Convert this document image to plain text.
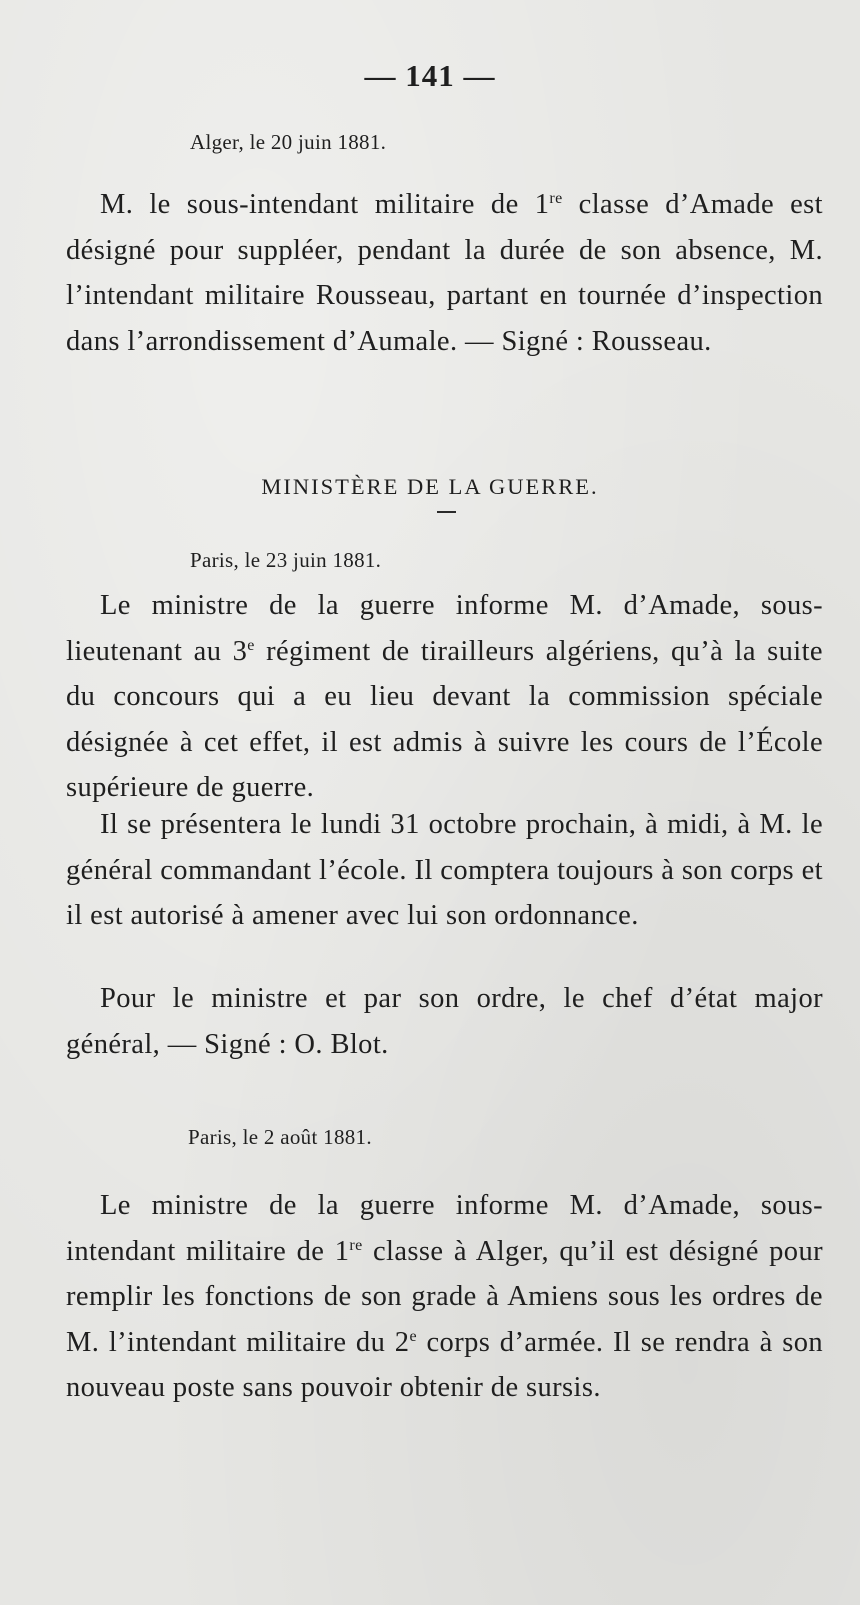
— 141 —
Alger, le 20 juin 1881.
M. le sous-intendant militaire de 1re classe d’Amade est désigné pour suppléer, pendant la durée de son absence, M. l’intendant militaire Rousseau, partant en tournée d’inspection dans l’arrondissement d’Aumale. — Signé : Rousseau.
MINISTÈRE DE LA GUERRE.
Paris, le 23 juin 1881.
Le ministre de la guerre informe M. d’Amade, sous-lieutenant au 3e régiment de tirailleurs algériens, qu’à la suite du concours qui a eu lieu devant la commission spéciale désignée à cet effet, il est admis à suivre les cours de l’École supérieure de guerre.
Il se présentera le lundi 31 octobre prochain, à midi, à M. le général commandant l’école. Il comptera toujours à son corps et il est autorisé à amener avec lui son ordonnance.
Pour le ministre et par son ordre, le chef d’état major général, — Signé : O. Blot.
Paris, le 2 août 1881.
Le ministre de la guerre informe M. d’Amade, sous-intendant militaire de 1re classe à Alger, qu’il est désigné pour remplir les fonctions de son grade à Amiens sous les ordres de M. l’intendant militaire du 2e corps d’armée. Il se rendra à son nouveau poste sans pouvoir obtenir de sursis.
